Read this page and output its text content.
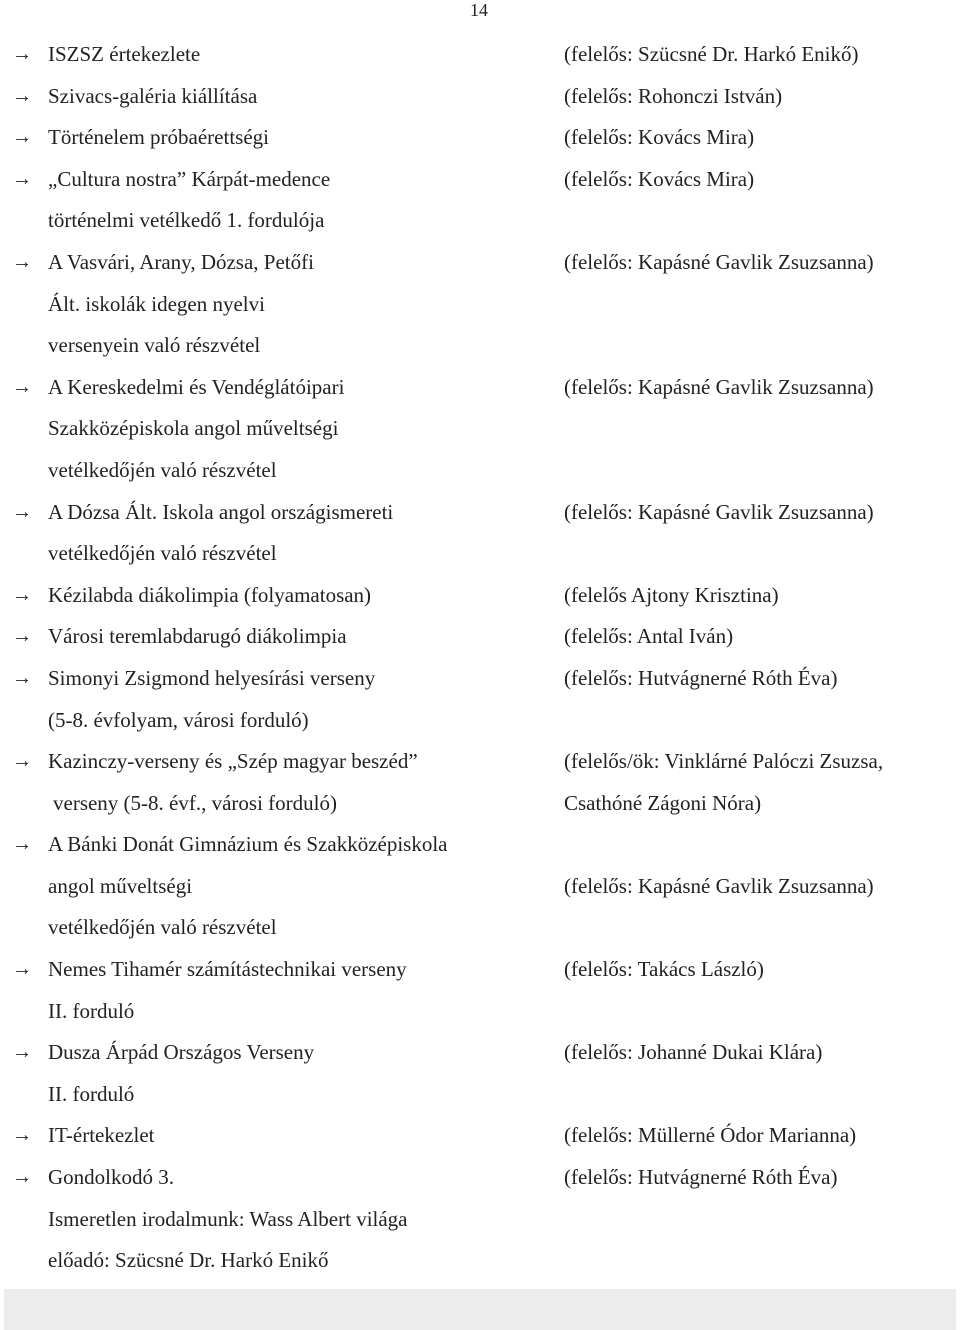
14
→ ISZSZ értekezlete	(felelős: Szücsné Dr. Harkó Enikő)
→ Szivacs-galéria kiállítása	(felelős: Rohonczi István)
→ Történelem próbaérettségi	(felelős: Kovács Mira)
→ „Cultura nostra” Kárpát-medence	(felelős: Kovács Mira)
történelmi vetélkedő 1. fordulója
→ A Vasvári, Arany, Dózsa, Petőfi	(felelős: Kapásné Gavlik Zsuzsanna)
Ált. iskolák idegen nyelvi
versenyein való részvétel
→ A Kereskedelmi és Vendéglátóipari	(felelős: Kapásné Gavlik Zsuzsanna)
Szakközépiskola angol műveltségi
vetélkedőjén való részvétel
→ A Dózsa Ált. Iskola angol országismereti	(felelős: Kapásné Gavlik Zsuzsanna)
vetélkedőjén való részvétel
→ Kézilabda diákolimpia (folyamatosan)	(felelős Ajtony Krisztina)
→ Városi teremlabdarugó diákolimpia	(felelős: Antal Iván)
→ Simonyi Zsigmond helyesírási verseny	(felelős: Hutvágnerné Róth Éva)
(5-8. évfolyam, városi forduló)
→ Kazinczy-verseny és „Szép magyar beszéd”	(felelős/ök: Vinklárné Palóczi Zsuzsa,
verseny (5-8. évf., városi forduló)	Csathóné Zágoni Nóra)
→ A Bánki Donát Gimnázium és Szakközépiskola
angol műveltségi	(felelős: Kapásné Gavlik Zsuzsanna)
vetélkedőjén való részvétel
→ Nemes Tihamér számítástechnikai verseny	(felelős: Takács László)
II. forduló
→ Dusza Árpád Országos Verseny	(felelős: Johanné Dukai Klára)
II. forduló
→ IT-értekezlet	(felelős: Müllerné Ódor Marianna)
→ Gondolkodó 3.	(felelős: Hutvágnerné Róth Éva)
Ismeretlen irodalmunk: Wass Albert világa
előadó: Szücsné Dr. Harkó Enikő
